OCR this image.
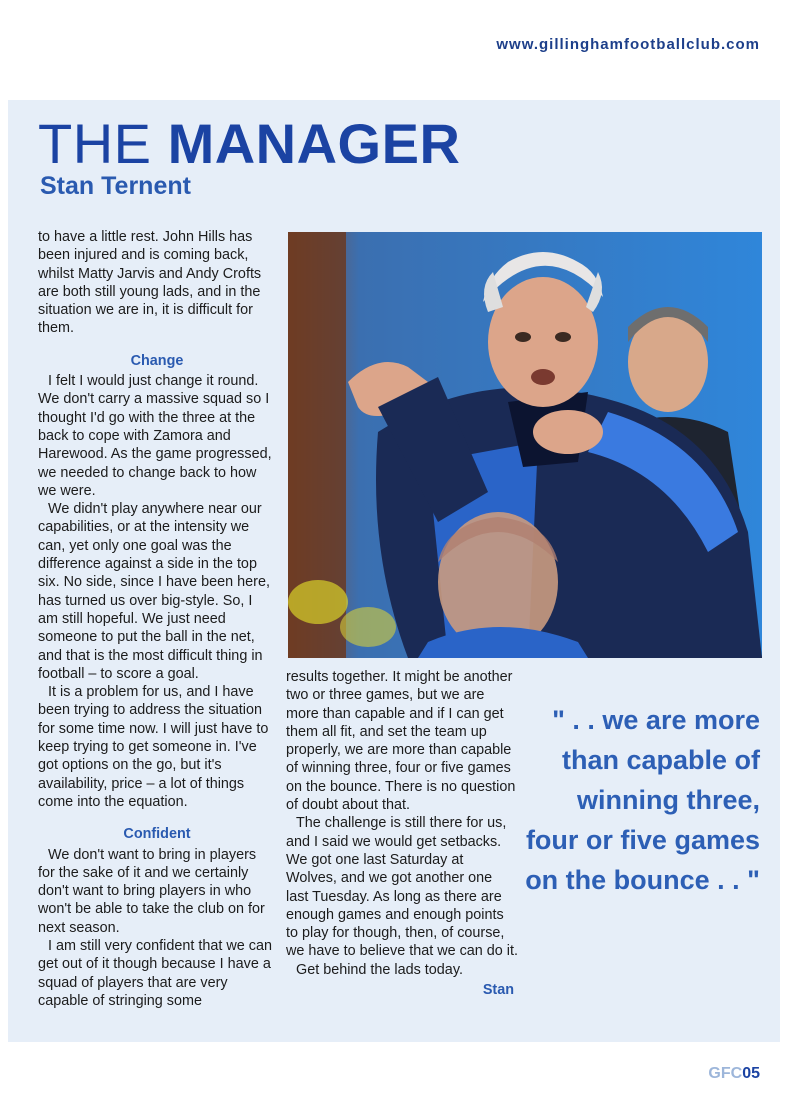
www.gillinghamfootballclub.com
THE MANAGER
Stan Ternent

to have a little rest. John Hills has been injured and is coming back, whilst Matty Jarvis and Andy Crofts are both still young lads, and in the situation we are in, it is difficult for them.

Change

I felt I would just change it round. We don't carry a massive squad so I thought I'd go with the three at the back to cope with Zamora and Harewood. As the game progressed, we needed to change back to how we were.

We didn't play anywhere near our capabilities, or at the intensity we can, yet only one goal was the difference against a side in the top six. No side, since I have been here, has turned us over big-style. So, I am still hopeful. We just need someone to put the ball in the net, and that is the most difficult thing in football – to score a goal.

It is a problem for us, and I have been trying to address the situation for some time now. I will just have to keep trying to get someone in. I've got options on the go, but it's availability, price – a lot of things come into the equation.

Confident

We don't want to bring in players for the sake of it and we certainly don't want to bring players in who won't be able to take the club on for next season.

I am still very confident that we can get out of it though because I have a squad of players that are very capable of stringing some

results together. It might be another two or three games, but we are more than capable and if I can get them all fit, and set the team up properly, we are more than capable of winning three, four or five games on the bounce. There is no question of doubt about that.

The challenge is still there for us, and I said we would get setbacks. We got one last Saturday at Wolves, and we got another one last Tuesday. As long as there are enough games and enough points to play for though, then, of course, we have to believe that we can do it.

Get behind the lads today.

Stan

" . . we are more than capable of winning three, four or five games on the bounce . . "
GFC05
